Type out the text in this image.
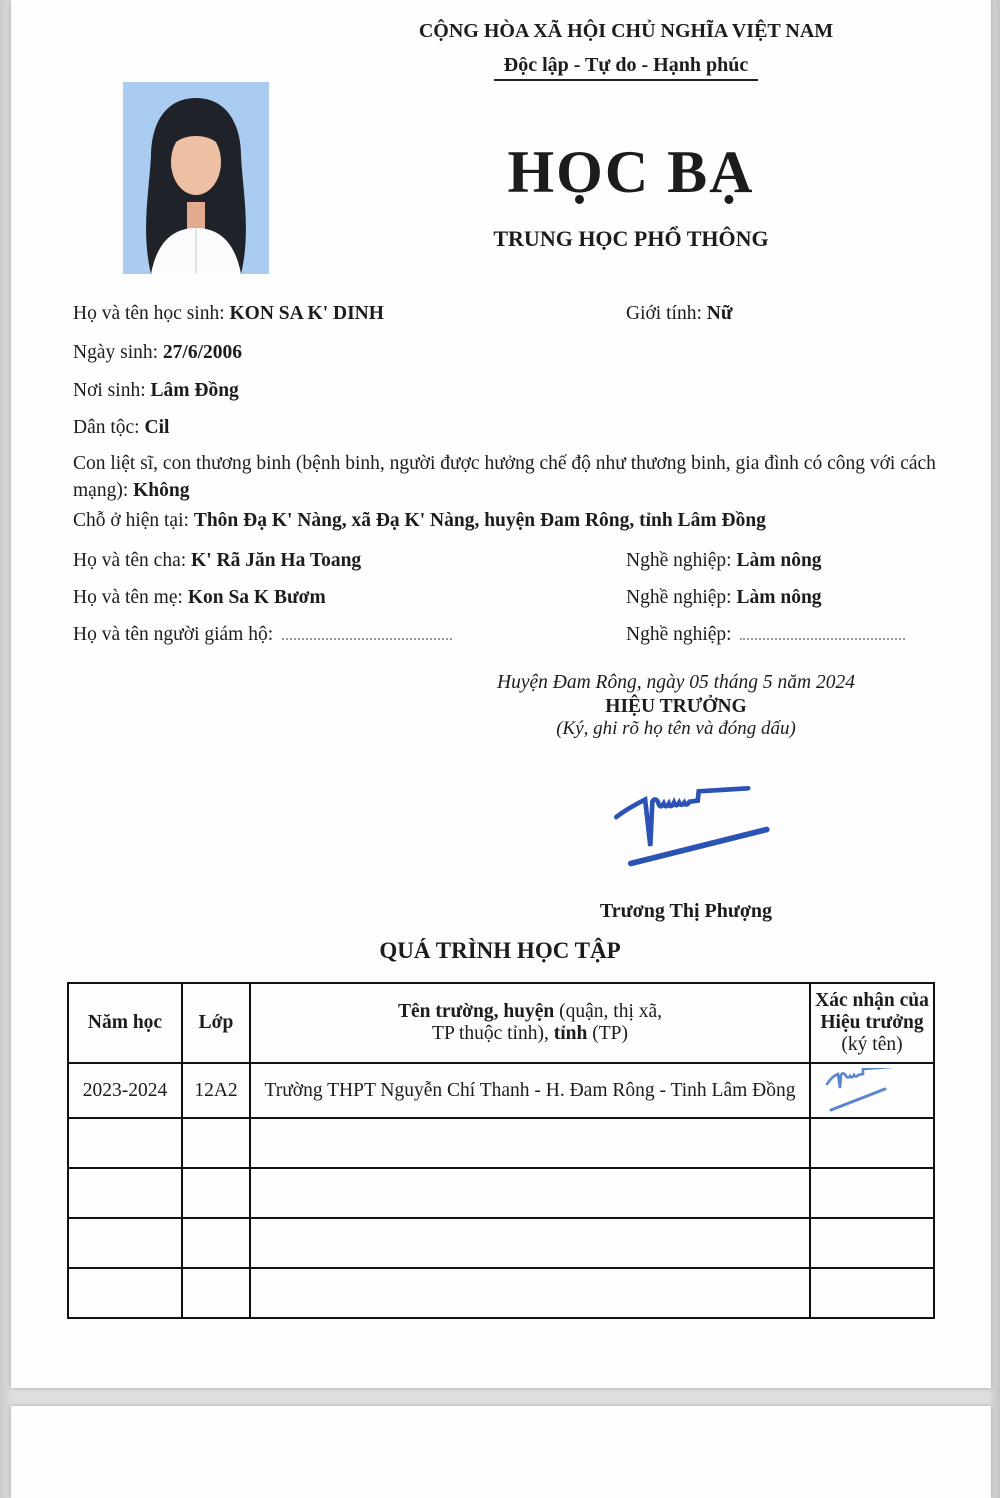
CỘNG HÒA XÃ HỘI CHỦ NGHĨA VIỆT NAM
Độc lập - Tự do - Hạnh phúc
HỌC BẠ
TRUNG HỌC PHỔ THÔNG
Họ và tên học sinh: KON SA K' DINH	Giới tính: Nữ
Ngày sinh: 27/6/2006
Nơi sinh: Lâm Đồng
Dân tộc: Cil
Con liệt sĩ, con thương binh (bệnh binh, người được hưởng chế độ như thương binh, gia đình có công với cách mạng): Không
Chỗ ở hiện tại: Thôn Đạ K' Nàng, xã Đạ K' Nàng, huyện Đam Rông, tỉnh Lâm Đồng
Họ và tên cha: K' Rã Jăn Ha Toang	Nghề nghiệp: Làm nông
Họ và tên mẹ: Kon Sa K Bươm	Nghề nghiệp: Làm nông
Họ và tên người giám hộ:	Nghề nghiệp:
Huyện Đam Rông, ngày 05 tháng 5 năm 2024
HIỆU TRƯỞNG
(Ký, ghi rõ họ tên và đóng dấu)
Trương Thị Phượng
QUÁ TRÌNH HỌC TẬP
Năm học	Lớp	Tên trường, huyện (quận, thị xã,
TP thuộc tỉnh), tỉnh (TP)	Xác nhận của
Hiệu trưởng
(ký tên)
2023-2024	12A2	Trường THPT Nguyễn Chí Thanh - H. Đam Rông - Tinh Lâm Đồng	
